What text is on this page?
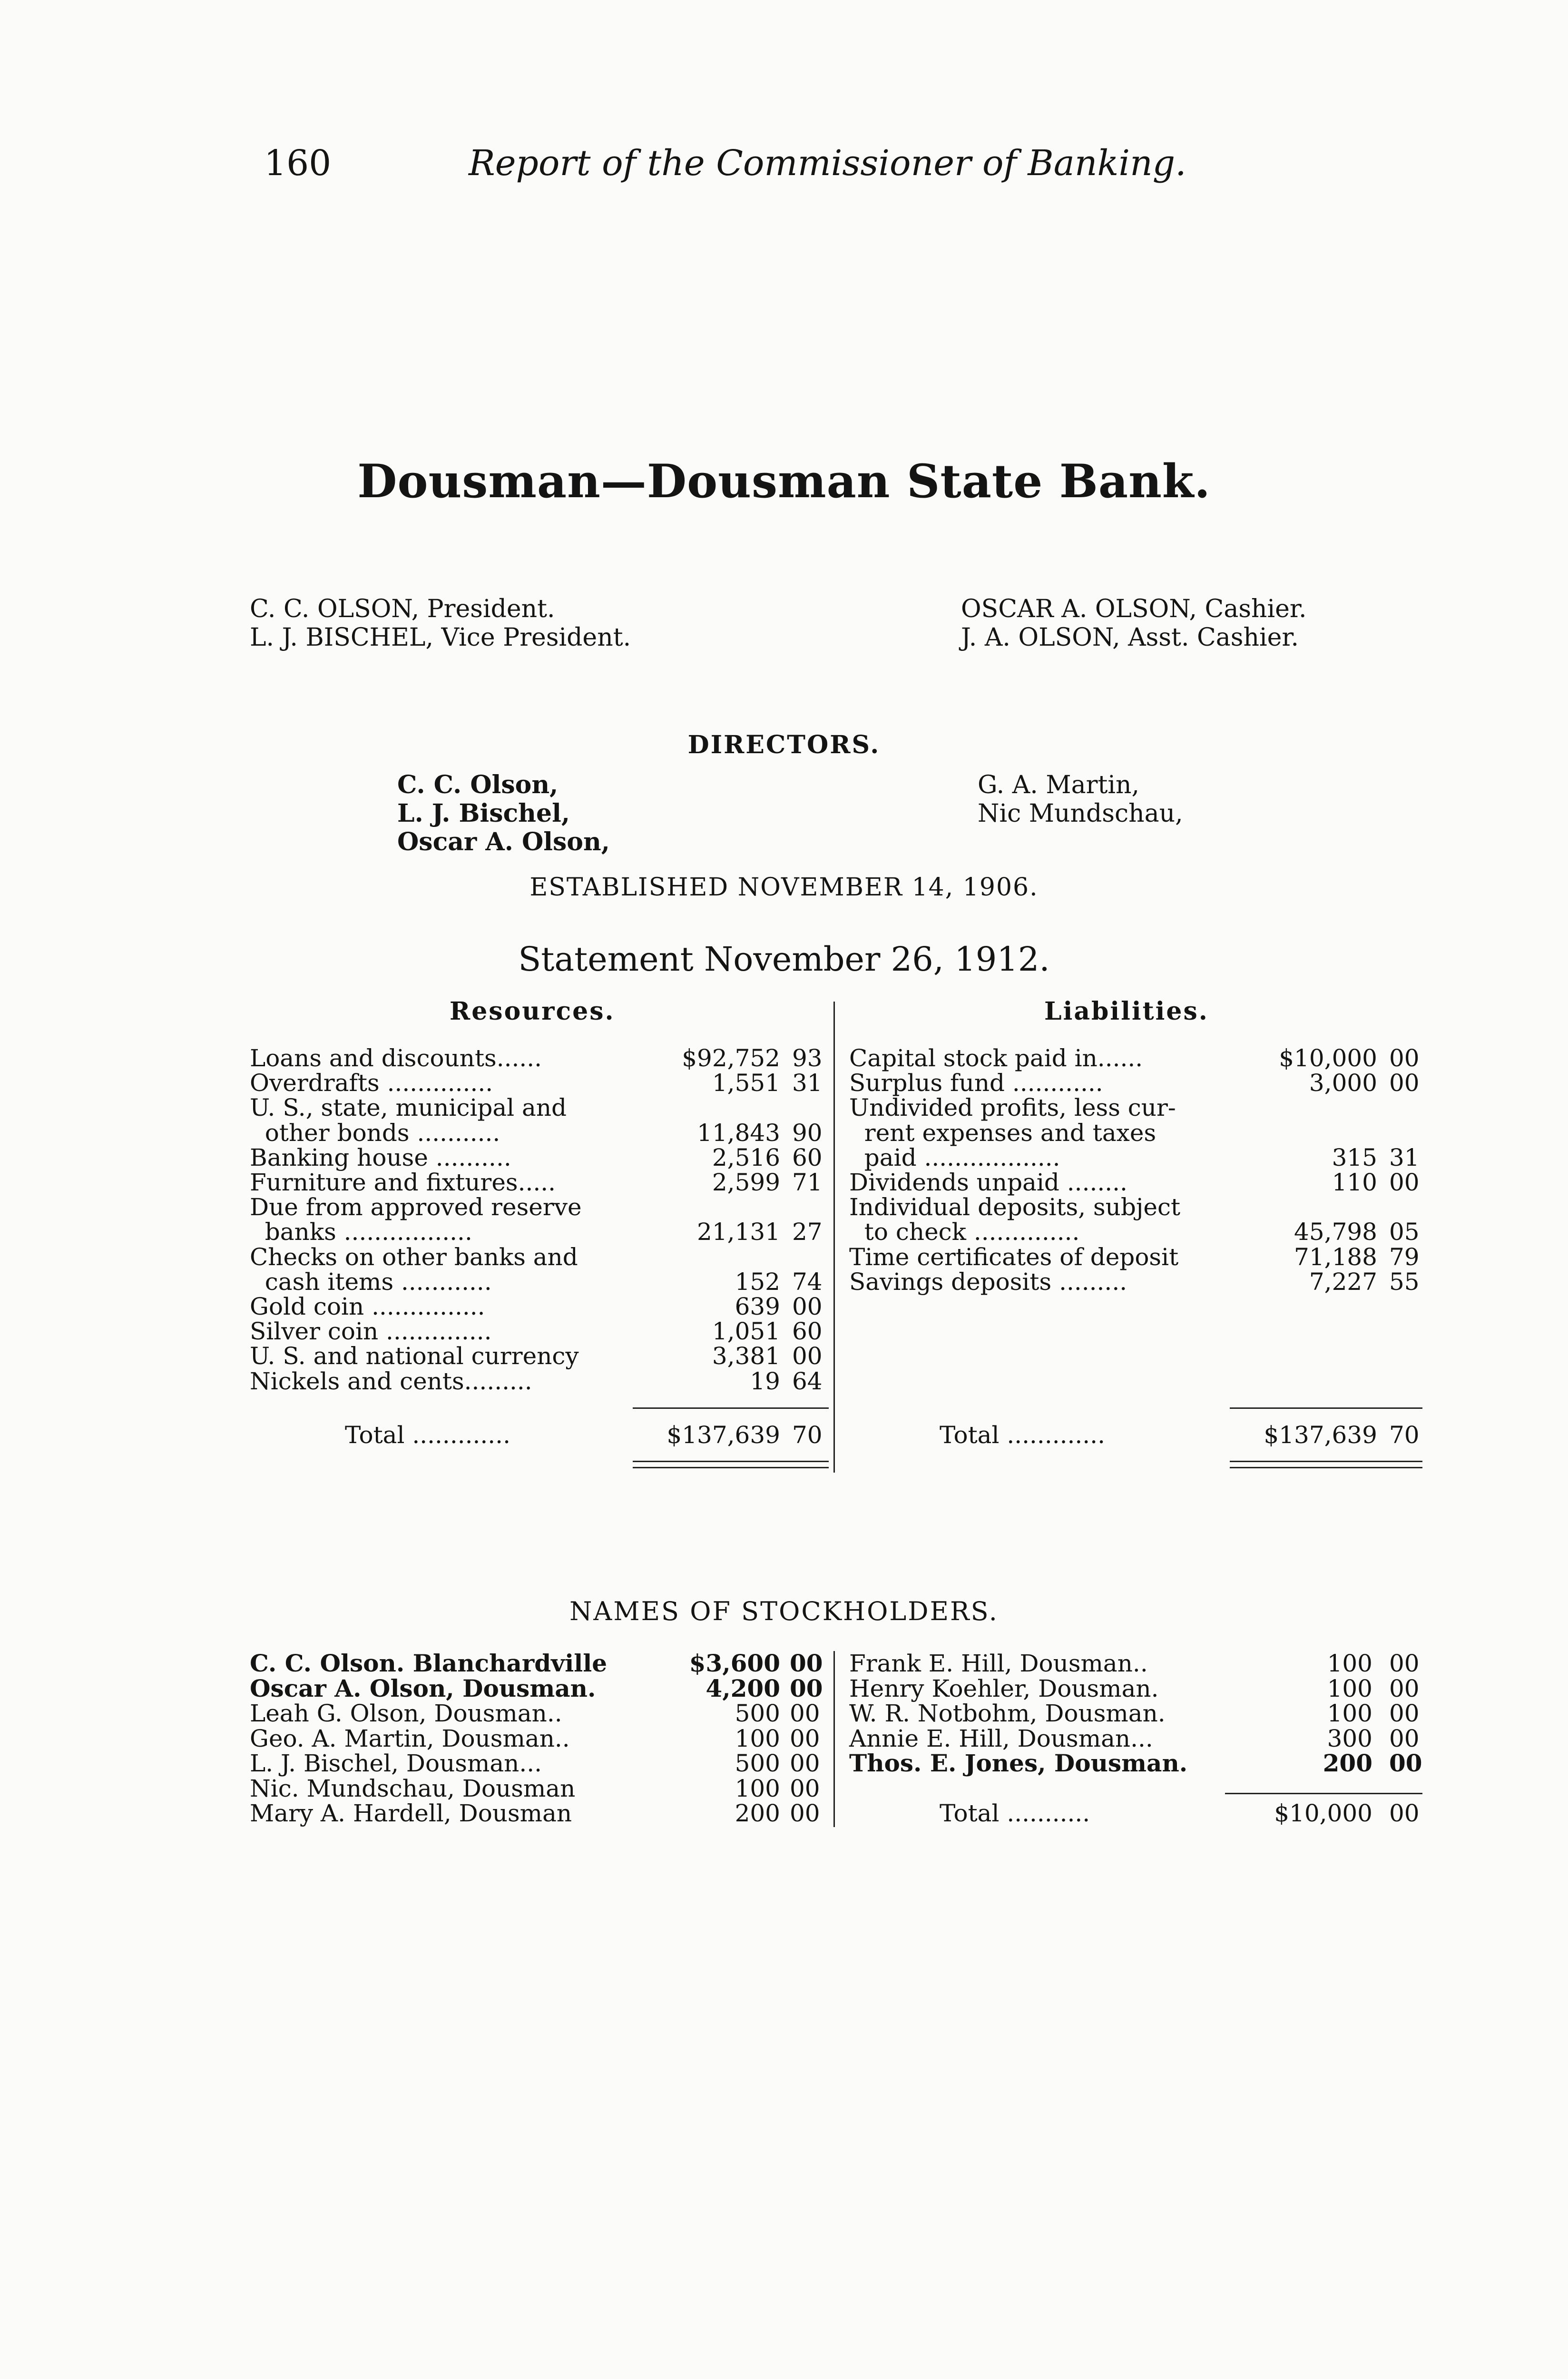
160	Report of the Commissioner of Banking.
Dousman—Dousman State Bank.
C. C. OLSON, President.
L. J. BISCHEL, Vice President.
OSCAR A. OLSON, Cashier.
J. A. OLSON, Asst. Cashier.
DIRECTORS.
C. C. Olson,
L. J. Bischel,
Oscar A. Olson,
G. A. Martin,
Nic Mundschau,
ESTABLISHED NOVEMBER 14, 1906.
Statement November 26, 1912.
Resources.	Liabilities.
Loans and discounts......	$92,752 93
Overdrafts ..............	1,551 31
U. S., state, municipal and
other bonds ...........	11,843 90
Banking house ..........	2,516 60
Furniture and fixtures.....	2,599 71
Due from approved reserve
banks .................	21,131 27
Checks on other banks and
cash items ............	152 74
Gold coin ...............	639 00
Silver coin ..............	1,051 60
U. S. and national currency	3,381 00
Nickels and cents.........	19 64
Capital stock paid in......	$10,000 00
Surplus fund ............	3,000 00
Undivided profits, less cur-
rent expenses and taxes
paid ..................	315 31
Dividends unpaid ........	110 00
Individual deposits, subject
to check ..............	45,798 05
Time certificates of deposit	71,188 79
Savings deposits .........	7,227 55
Total .............	$137,639 70	Total .............	$137,639 70
NAMES OF STOCKHOLDERS.
C. C. Olson. Blanchardville	$3,600 00
Oscar A. Olson, Dousman.	4,200 00
Leah G. Olson, Dousman..	500 00
Geo. A. Martin, Dousman..	100 00
L. J. Bischel, Dousman...	500 00
Nic. Mundschau, Dousman	100 00
Mary A. Hardell, Dousman	200 00
Frank E. Hill, Dousman..	100 00
Henry Koehler, Dousman.	100 00
W. R. Notbohm, Dousman.	100 00
Annie E. Hill, Dousman...	300 00
Thos. E. Jones, Dousman.	200 00
Total ...........	$10,000 00
